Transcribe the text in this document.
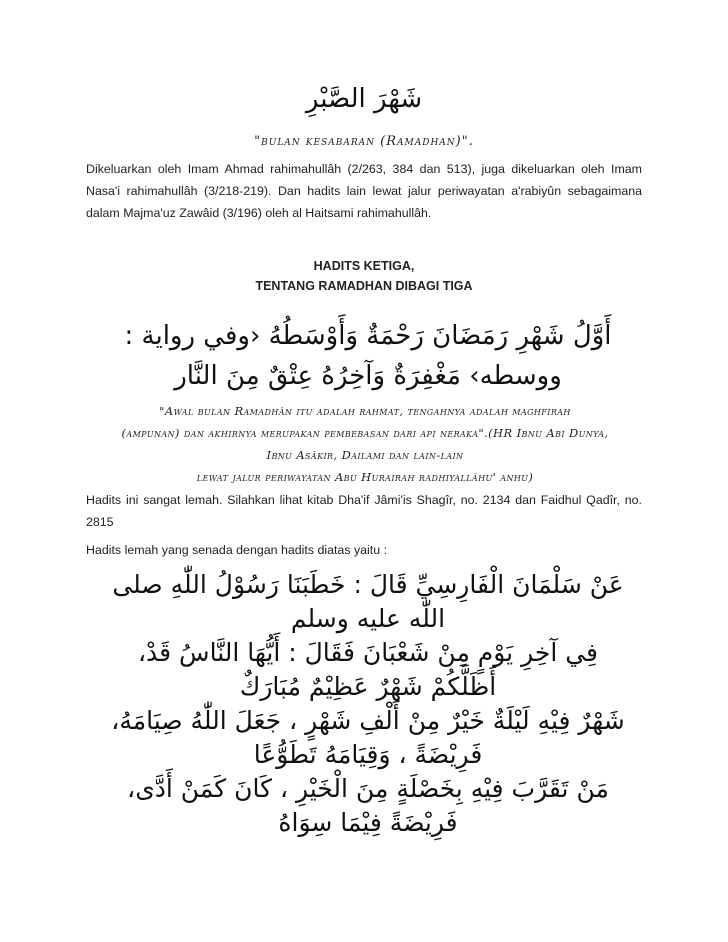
شَهْرَ الصَّبْرِ
"bulan kesabaran (Ramadhan)".
Dikeluarkan oleh Imam Ahmad rahimahullâh (2/263, 384 dan 513), juga dikeluarkan oleh Imam Nasa'i rahimahullâh (3/218-219). Dan hadits lain lewat jalur periwayatan a'rabiyûn sebagaimana dalam Majma'uz Zawâid (3/196) oleh al Haitsami rahimahullâh.
HADITS KETIGA,
TENTANG RAMADHAN DIBAGI TIGA
أَوَّلُ شَهْرِ رَمَضَانَ رَحْمَةٌ وَأَوْسَطُهُ ‹وفي رواية :
ووسطه› مَغْفِرَةٌ وَآخِرُهُ عِتْقٌ مِنَ النَّار
"Awal bulan Ramadhân itu adalah rahmat, tengahnya adalah maghfirah
(ampunan) dan akhirnya merupakan pembebasan dari api neraka".(HR Ibnu Abi Dunya,
Ibnu Asâkir, Dailami dan lain-lain
lewat jalur periwayatan Abu Hurairah radhiyallâhu' anhu)
Hadits ini sangat lemah. Silahkan lihat kitab Dha'if Jâmi'is Shagîr, no. 2134 dan Faidhul Qadîr, no. 2815
Hadits lemah yang senada dengan hadits diatas yaitu :
عَنْ سَلْمَانَ الْفَارِسِيِّ قَالَ : خَطَبَنَا رَسُوْلُ اللّٰهِ صلى
اللّٰه عليه وسلم
فِي آخِرِ يَوْمٍ مِنْ شَعْبَانَ فَقَالَ : أَيُّهَا النَّاسُ قَدْ،
أَظَلَّكُمْ شَهْرٌ عَظِيْمٌ مُبَارَكٌ
شَهْرٌ فِيْهِ لَيْلَةٌ خَيْرٌ مِنْ أَلْفِ شَهْرٍ ، جَعَلَ اللّٰهُ صِيَامَهُ،
فَرِيْضَةً ، وَقِيَامَهُ تَطَوُّعًا
مَنْ تَقَرَّبَ فِيْهِ بِخَصْلَةٍ مِنَ الْخَيْرِ ، كَانَ كَمَنْ أَدَّى،
فَرِيْضَةً فِيْمَا سِوَاهُ
